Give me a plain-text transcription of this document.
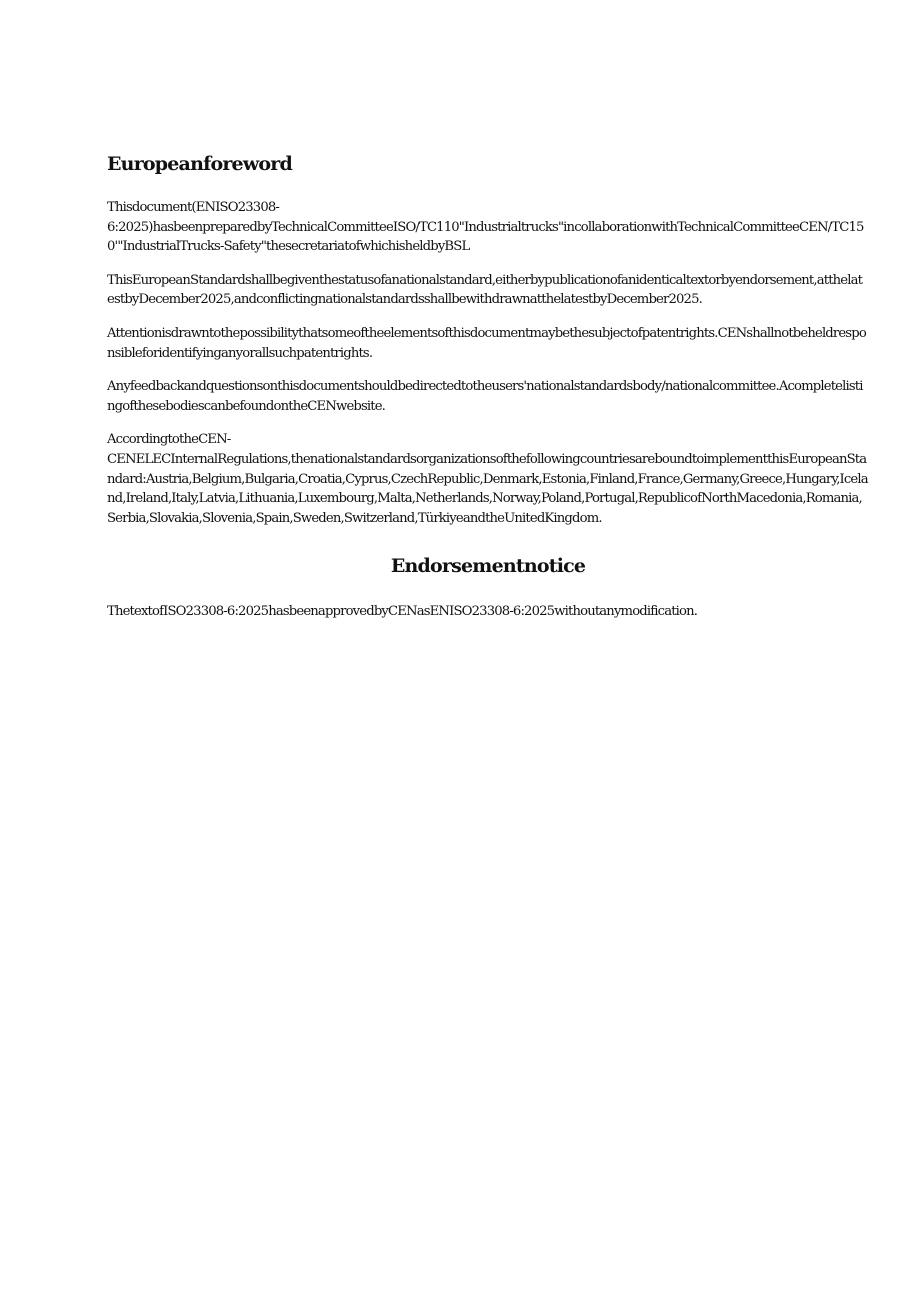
Europeanforeword
Thisdocument(ENISO23308-
6:2025)hasbeenpreparedbyTechnicalCommitteeISO/TC110"Industrialtrucks"incollaborationwithTechnicalCommitteeCEN/TC150'"IndustrialTrucks-Safety"thesecretariatofwhichisheldbyBSL
ThisEuropeanStandardshallbegiventhestatusofanationalstandard,eitherbypublicationofanidenticaltextorbyendorsement,atthelatestbyDecember2025,andconflictingnationalstandardsshallbewithdrawnatthelatestbyDecember2025.
Attentionisdrawntothepossibilitythatsomeoftheelementsofthisdocumentmaybethesubjectofpatentrights.CENshallnotbeheldresponsibleforidentifyinganyorallsuchpatentrights.
Anyfeedbackandquestionsonthisdocumentshouldbedirectedtotheusers'nationalstandardsbody/nationalcommittee.AcompletelistingofthesebodiescanbefoundontheCENwebsite.
AccordingtotheCEN-
CENELECInternalRegulations,thenationalstandardsorganizationsofthefollowingcountriesareboundtoimplementthisEuropeanStandard:Austria,Belgium,Bulgaria,Croatia,Cyprus,CzechRepublic,Denmark,Estonia,Finland,France,Germany,Greece,Hungary,Iceland,Ireland,Italy,Latvia,Lithuania,Luxembourg,Malta,Netherlands,Norway,Poland,Portugal,RepublicofNorthMacedonia,Romania,Serbia,Slovakia,Slovenia,Spain,Sweden,Switzerland,TürkiyeandtheUnitedKingdom.
Endorsementnotice
ThetextofISO23308-6:2025hasbeenapprovedbyCENasENISO23308-6:2025withoutanymodification.
